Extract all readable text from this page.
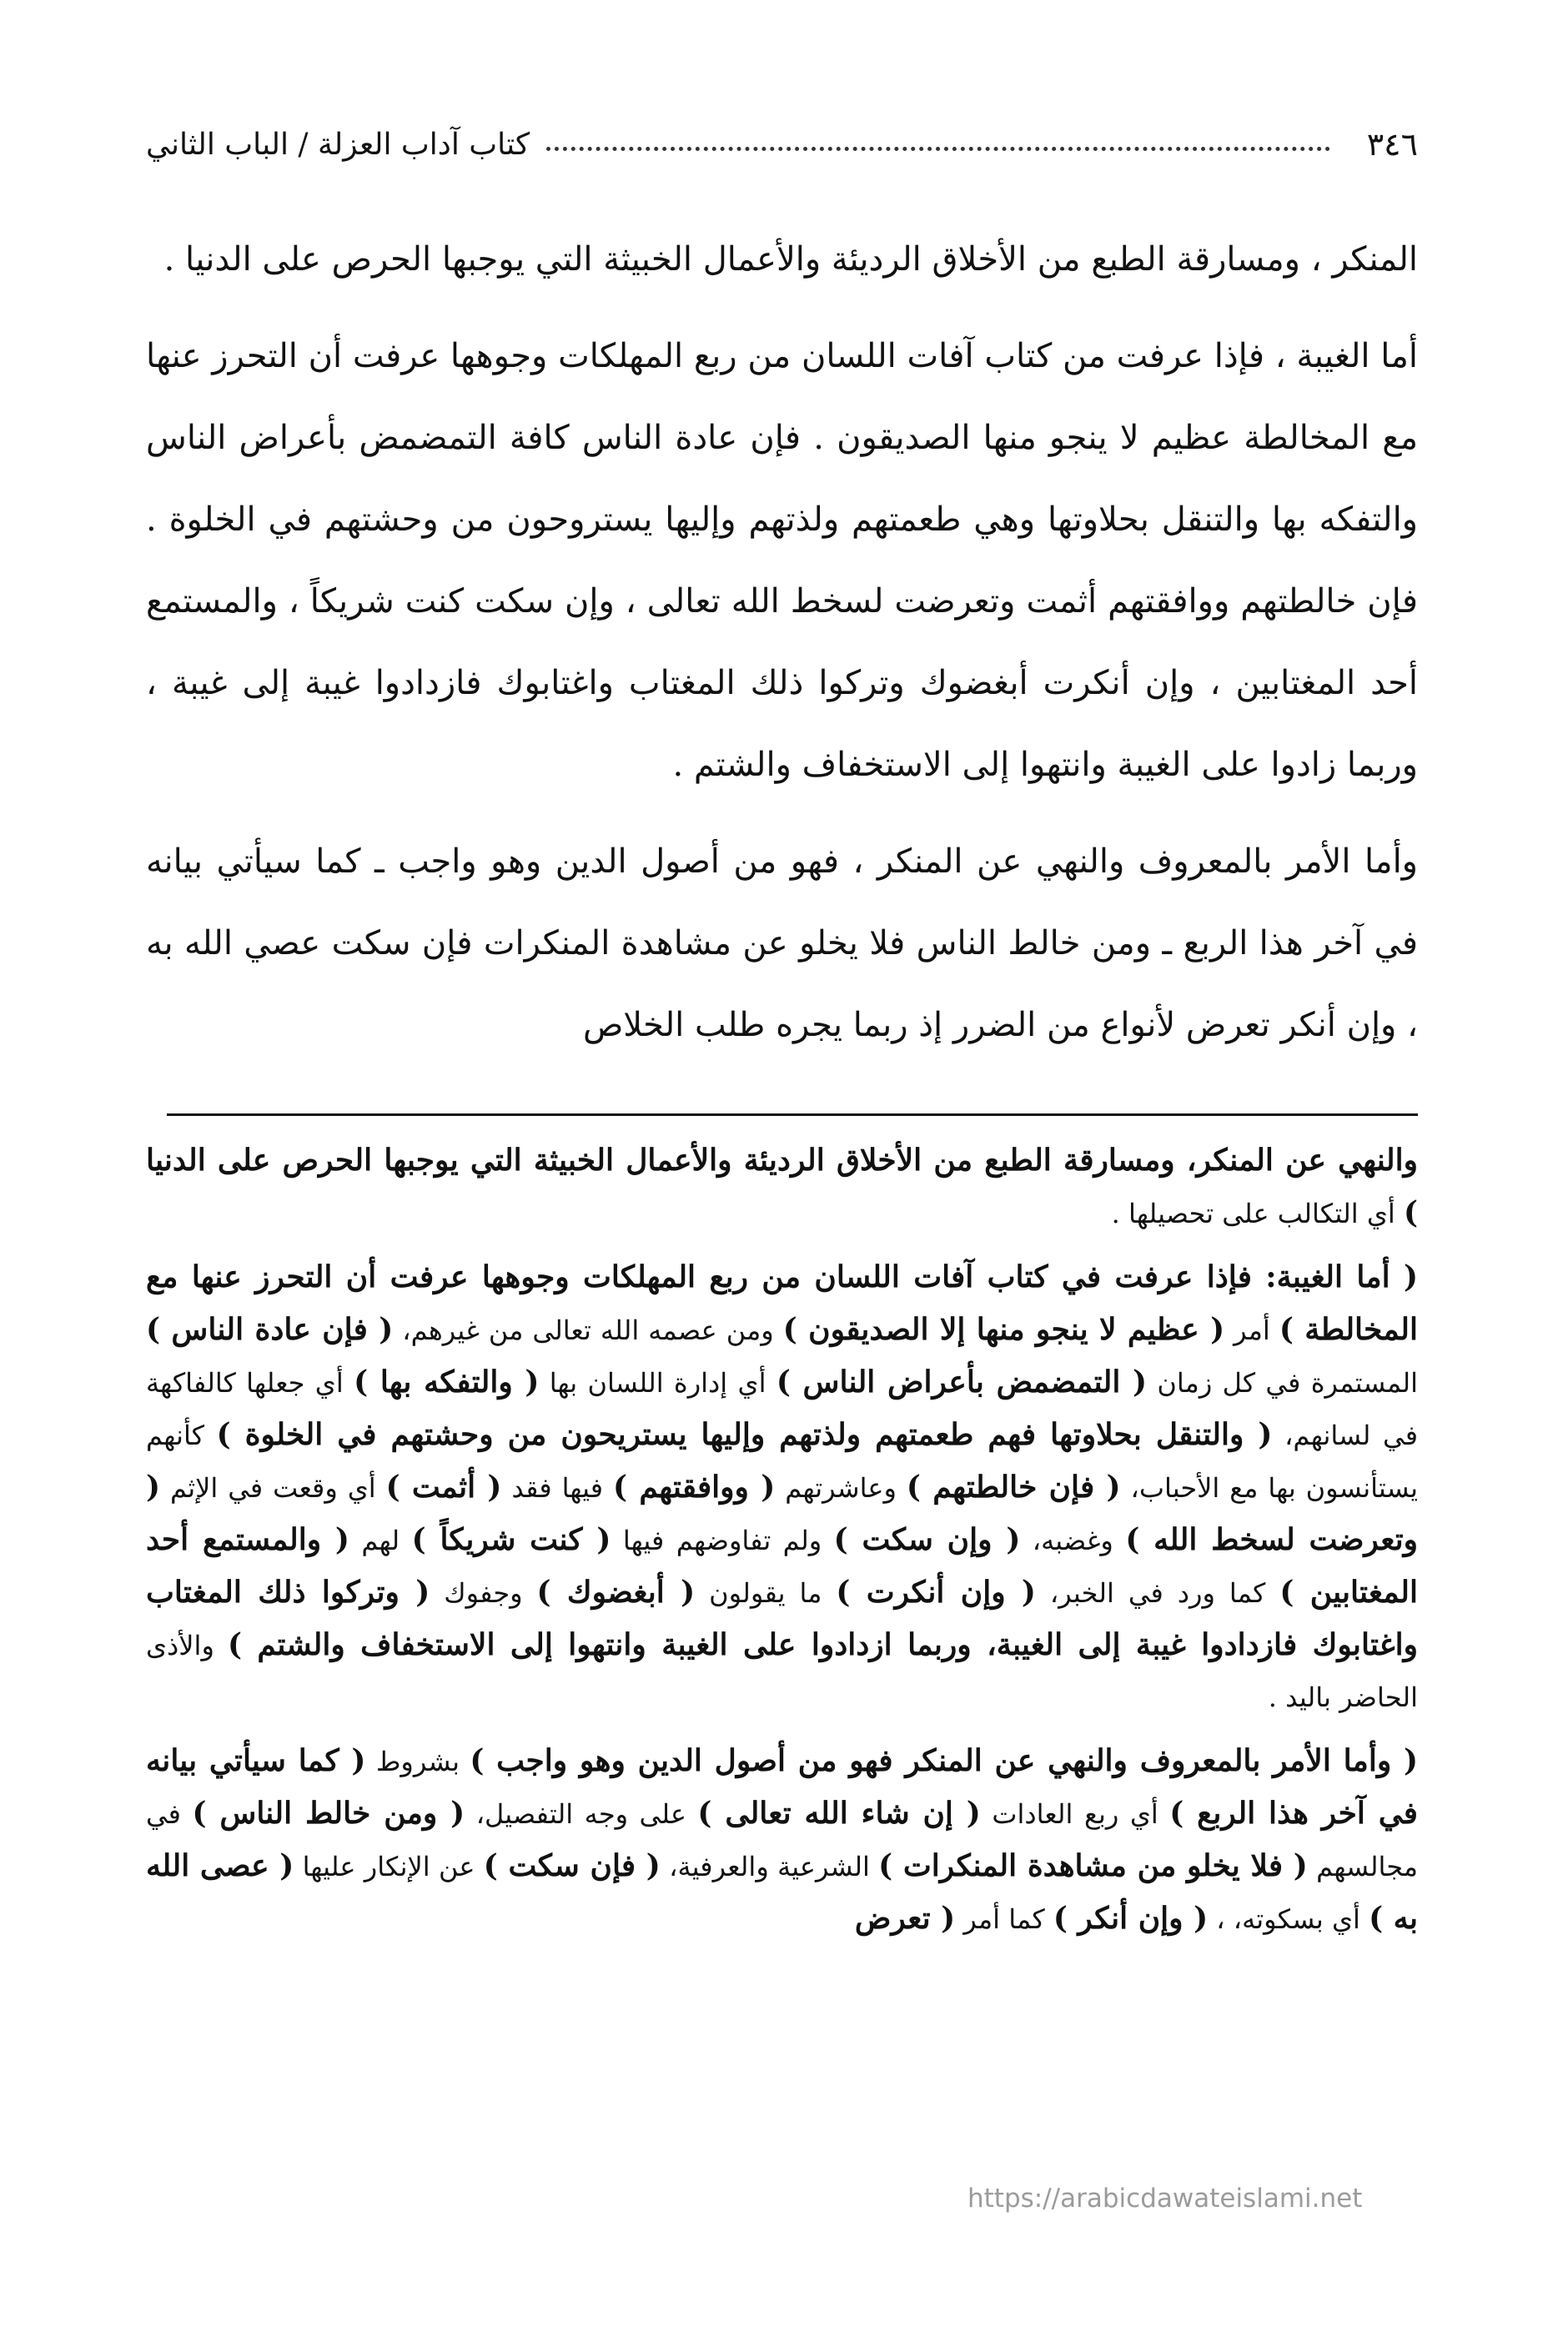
٣٤٦
كتاب آداب العزلة / الباب الثاني

المنكر ، ومسارقة الطبع من الأخلاق الرديئة والأعمال الخبيثة التي يوجبها الحرص على الدنيا .

أما الغيبة ، فإذا عرفت من كتاب آفات اللسان من ربع المهلكات وجوهها عرفت أن التحرز عنها مع المخالطة عظيم لا ينجو منها الصديقون . فإن عادة الناس كافة التمضمض بأعراض الناس والتفكه بها والتنقل بحلاوتها وهي طعمتهم ولذتهم وإليها يستروحون من وحشتهم في الخلوة . فإن خالطتهم ووافقتهم أثمت وتعرضت لسخط الله تعالى ، وإن سكت كنت شريكاً ، والمستمع أحد المغتابين ، وإن أنكرت أبغضوك وتركوا ذلك المغتاب واغتابوك فازدادوا غيبة إلى غيبة ، وربما زادوا على الغيبة وانتهوا إلى الاستخفاف والشتم .

وأما الأمر بالمعروف والنهي عن المنكر ، فهو من أصول الدين وهو واجب ـ كما سيأتي بيانه في آخر هذا الربع ـ ومن خالط الناس فلا يخلو عن مشاهدة المنكرات فإن سكت عصي الله به ، وإن أنكر تعرض لأنواع من الضرر إذ ربما يجره طلب الخلاص

والنهي عن المنكر، ومسارقة الطبع من الأخلاق الرديئة والأعمال الخبيثة التي يوجبها الحرص على الدنيا ) أي التكالب على تحصيلها .

( أما الغيبة: فإذا عرفت في كتاب آفات اللسان من ربع المهلكات وجوهها عرفت أن التحرز عنها مع المخالطة ) أمر ( عظيم لا ينجو منها إلا الصديقون ) ومن عصمه الله تعالى من غيرهم، ( فإن عادة الناس ) المستمرة في كل زمان ( التمضمض بأعراض الناس ) أي إدارة اللسان بها ( والتفكه بها ) أي جعلها كالفاكهة في لسانهم، ( والتنقل بحلاوتها فهم طعمتهم ولذتهم وإليها يستريحون من وحشتهم في الخلوة ) كأنهم يستأنسون بها مع الأحباب، ( فإن خالطتهم ) وعاشرتهم ( ووافقتهم ) فيها فقد ( أثمت ) أي وقعت في الإثم ( وتعرضت لسخط الله ) وغضبه، ( وإن سكت ) ولم تفاوضهم فيها ( كنت شريكاً ) لهم ( والمستمع أحد المغتابين ) كما ورد في الخبر، ( وإن أنكرت ) ما يقولون ( أبغضوك ) وجفوك ( وتركوا ذلك المغتاب واغتابوك فازدادوا غيبة إلى الغيبة، وربما ازدادوا على الغيبة وانتهوا إلى الاستخفاف والشتم ) والأذى الحاضر باليد .

( وأما الأمر بالمعروف والنهي عن المنكر فهو من أصول الدين وهو واجب ) بشروط ( كما سيأتي بيانه في آخر هذا الربع ) أي ربع العادات ( إن شاء الله تعالى ) على وجه التفصيل، ( ومن خالط الناس ) في مجالسهم ( فلا يخلو من مشاهدة المنكرات ) الشرعية والعرفية، ( فإن سكت ) عن الإنكار عليها ( عصى الله به ) أي بسكوته، ، ( وإن أنكر ) كما أمر ( تعرض

https://arabicdawateislami.net
